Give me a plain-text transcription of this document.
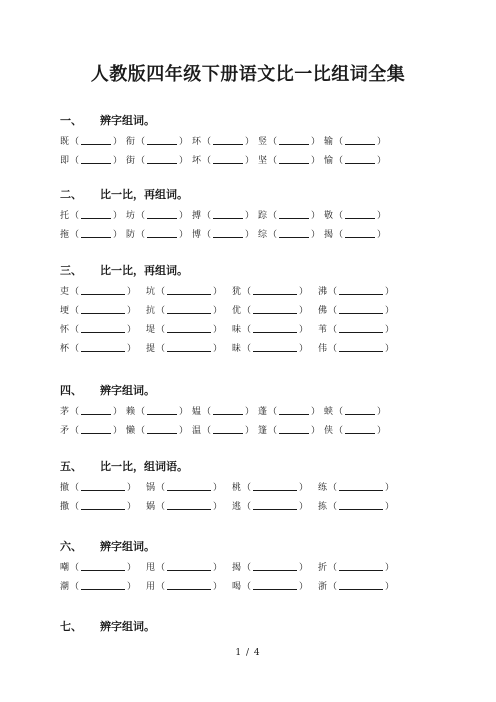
人教版四年级下册语文比一比组词全集
一、 辨字组词。
既 （	） 衔 （	） 环 （	） 竖 （	） 输 （	）
即 （	） 街 （	） 坏 （	） 坚 （	） 愉 （	）
二、 比一比，再组词。
托 （	） 坊 （	） 搏 （	） 踪 （	） 敬 （	）
拖 （	） 防 （	） 博 （	） 综 （	） 揭 （	）
三、 比一比，再组词。
吏 （	） 坑 （	） 犹 （	） 沸 （	）
埂 （	） 抗 （	） 优 （	） 佛 （	）
怀 （	） 堤 （	） 味 （	） 苇 （	）
杯 （	） 提 （	） 昧 （	） 伟 （	）
四、 辨字组词。
茅 （	） 赖 （	） 媪 （	） 蓬 （	） 蛱 （	）
矛 （	） 懒 （	） 温 （	） 篷 （	） 侠 （	）
五、 比一比，组词语。
撤 （	） 锅 （	） 桃 （	） 练 （	）
撒 （	） 娲 （	） 逃 （	） 拣 （	）
六、 辨字组词。
嘲 （	） 甩 （	） 揭 （	） 折 （	）
潮 （	） 用 （	） 喝 （	） 浙 （	）
七、 辨字组词。
1 / 4
